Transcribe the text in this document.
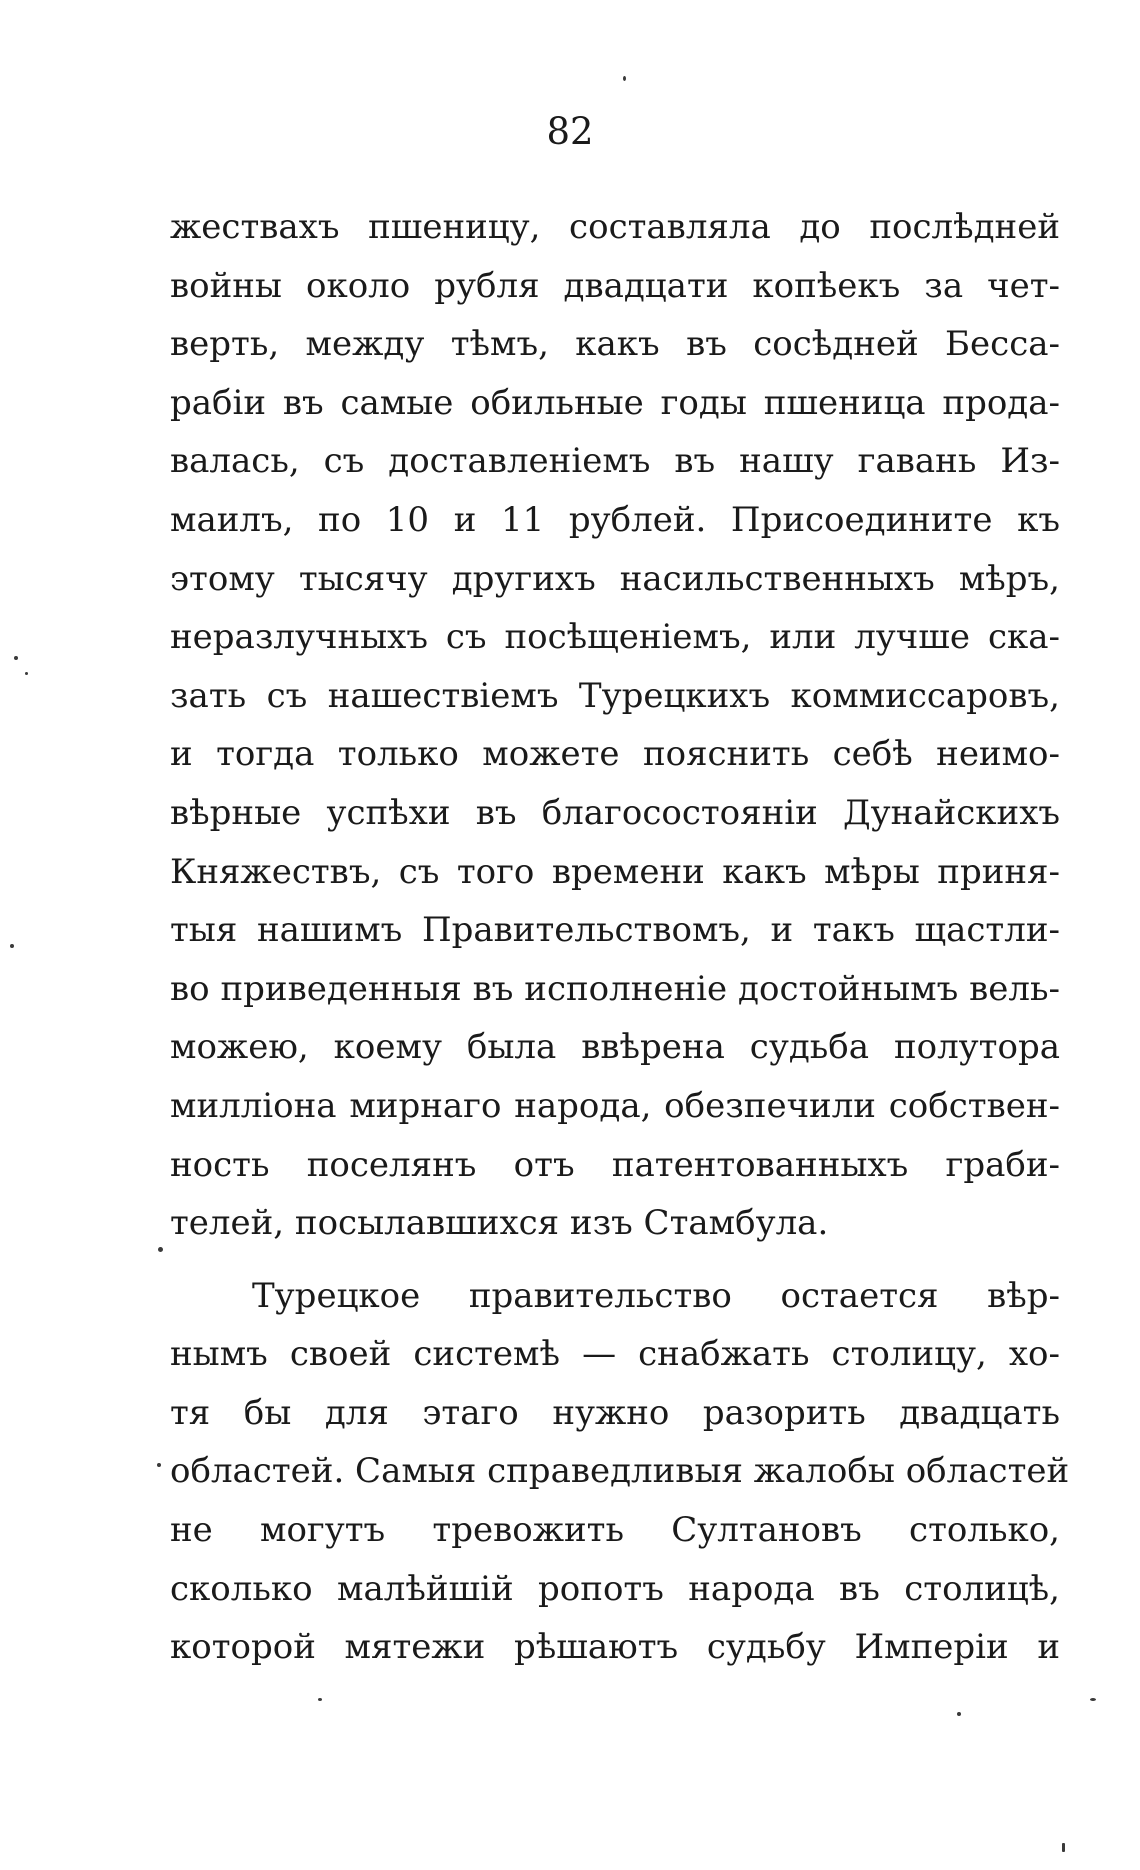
82
жествахъ пшеницу, составляла до послѣдней
войны около рубля двадцати копѣекъ за чет-
верть, между тѣмъ, какъ въ сосѣдней Бесса-
рабіи въ самые обильные годы пшеница прода-
валась, съ доставленіемъ въ нашу гавань Из-
маилъ, по 10 и 11 рублей. Присоедините къ
этому тысячу другихъ насильственныхъ мѣръ,
неразлучныхъ съ посѣщеніемъ, или лучше ска-
зать съ нашествіемъ Турецкихъ коммиссаровъ,
и тогда только можете пояснить себѣ неимо-
вѣрные успѣхи въ благосостояніи Дунайскихъ
Княжествъ, съ того времени какъ мѣры приня-
тыя нашимъ Правительствомъ, и такъ щастли-
во приведенныя въ исполненіе достойнымъ вель-
можею, коему была ввѣрена судьба полутора
милліона мирнаго народа, обезпечили собствен-
ность поселянъ отъ патентованныхъ граби-
телей, посылавшихся изъ Стамбула.
Турецкое правительство остается вѣр-
нымъ своей системѣ — снабжать столицу, хо-
тя бы для этаго нужно разорить двадцать
областей. Самыя справедливыя жалобы областей
не могутъ тревожить Султановъ столько,
сколько малѣйшій ропотъ народа въ столицѣ,
которой мятежи рѣшаютъ судьбу Имперіи и
